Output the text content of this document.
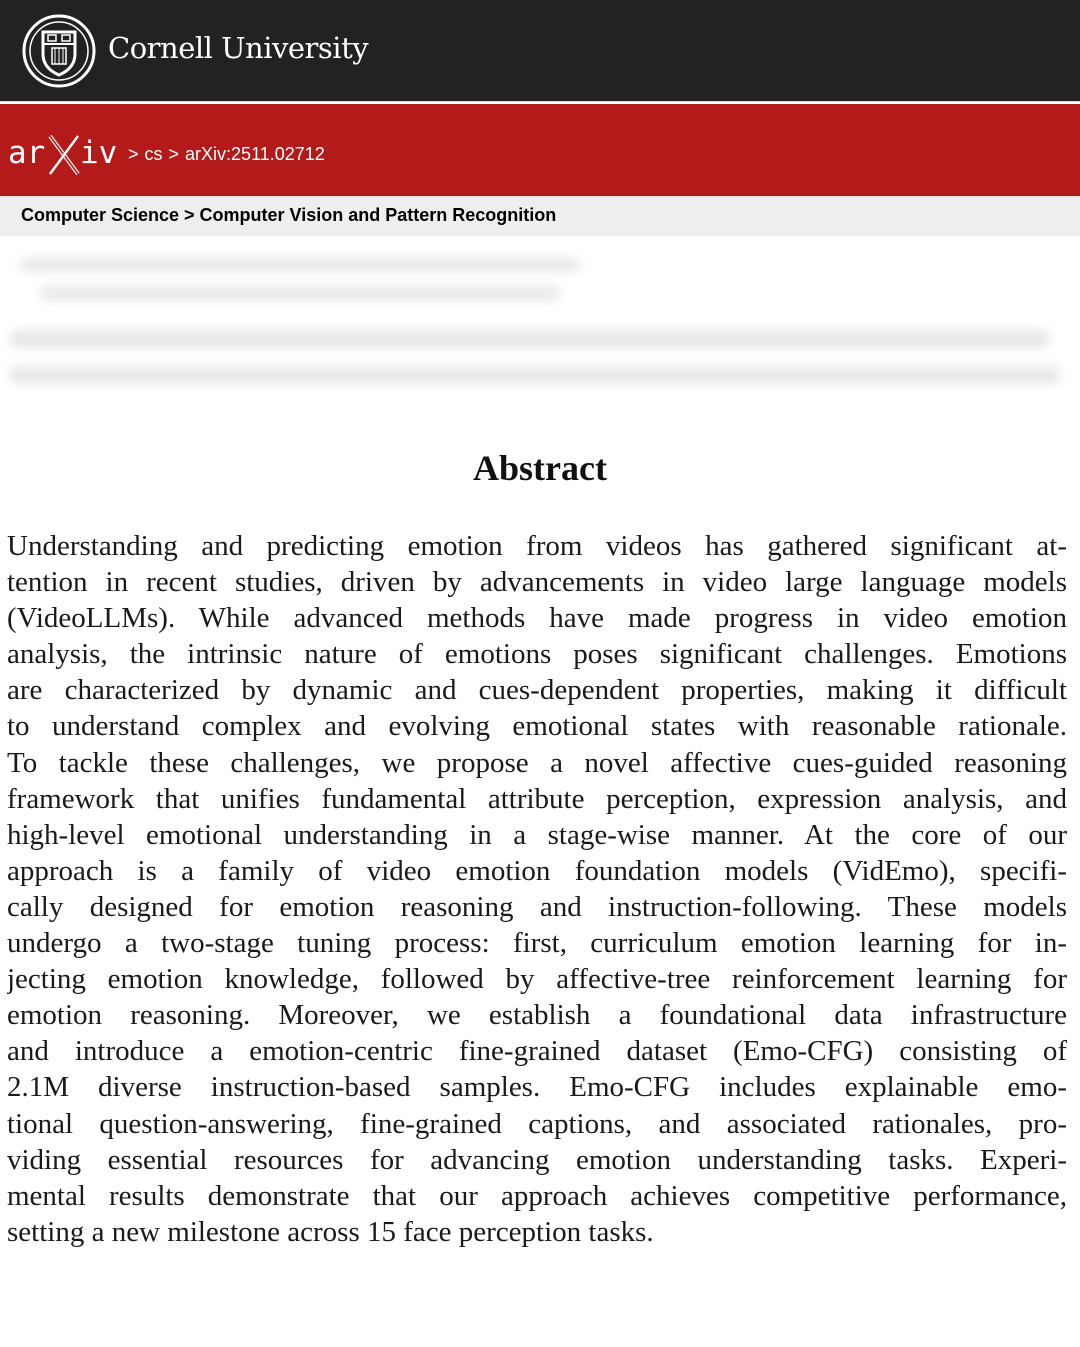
Cornell University
ar iv > cs > arXiv:2511.02712
Computer Science > Computer Vision and Pattern Recognition
Abstract
Understanding and predicting emotion from videos has gathered significant at-
tention in recent studies, driven by advancements in video large language models
(VideoLLMs). While advanced methods have made progress in video emotion
analysis, the intrinsic nature of emotions poses significant challenges. Emotions
are characterized by dynamic and cues-dependent properties, making it difficult
to understand complex and evolving emotional states with reasonable rationale.
To tackle these challenges, we propose a novel affective cues-guided reasoning
framework that unifies fundamental attribute perception, expression analysis, and
high-level emotional understanding in a stage-wise manner. At the core of our
approach is a family of video emotion foundation models (VidEmo), specifi-
cally designed for emotion reasoning and instruction-following. These models
undergo a two-stage tuning process: first, curriculum emotion learning for in-
jecting emotion knowledge, followed by affective-tree reinforcement learning for
emotion reasoning. Moreover, we establish a foundational data infrastructure
and introduce a emotion-centric fine-grained dataset (Emo-CFG) consisting of
2.1M diverse instruction-based samples. Emo-CFG includes explainable emo-
tional question-answering, fine-grained captions, and associated rationales, pro-
viding essential resources for advancing emotion understanding tasks. Experi-
mental results demonstrate that our approach achieves competitive performance,
setting a new milestone across 15 face perception tasks.
